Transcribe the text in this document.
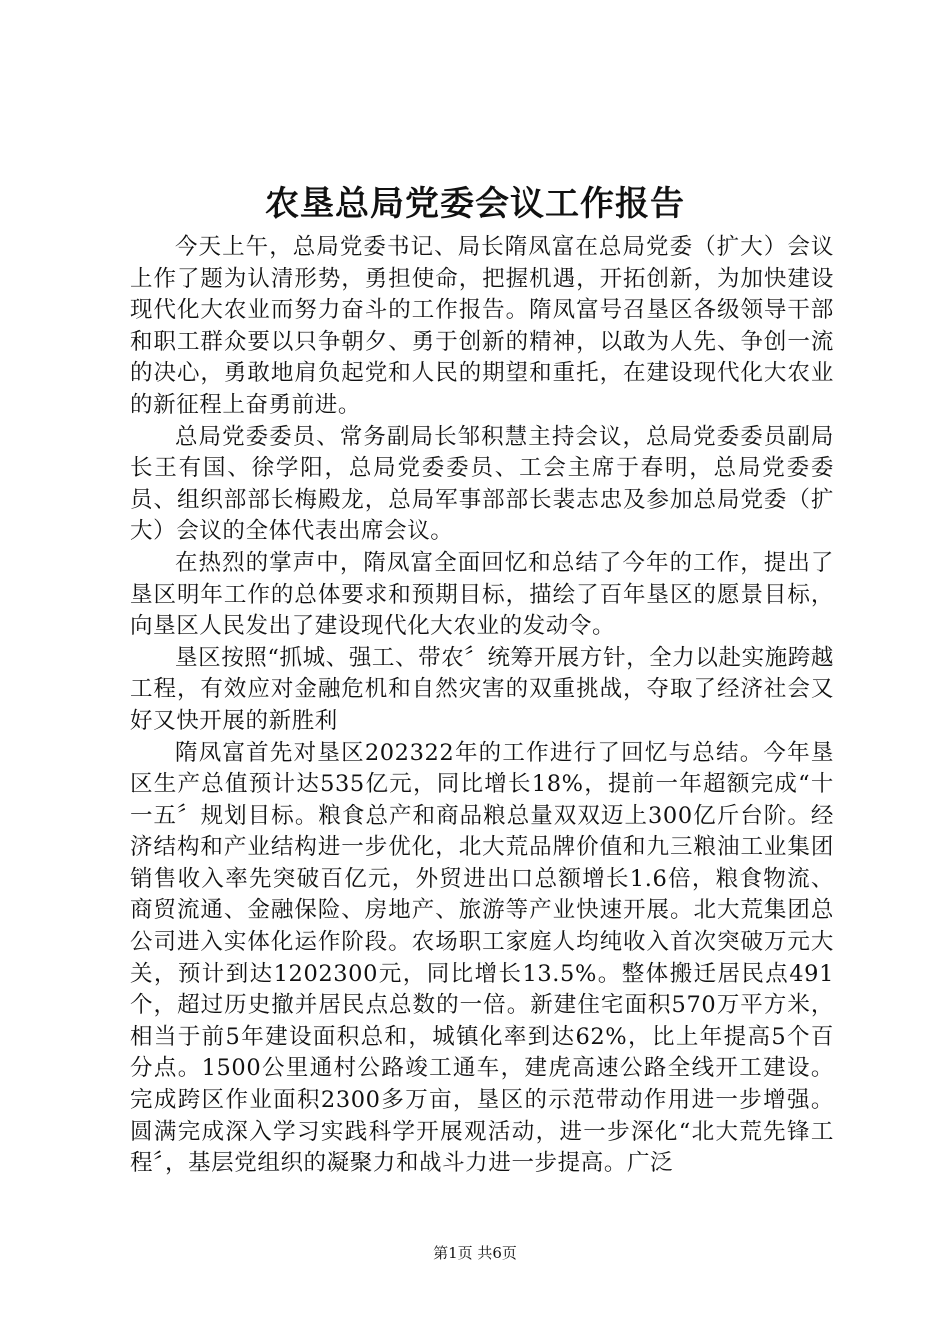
农垦总局党委会议工作报告

今天上午，总局党委书记、局长隋凤富在总局党委（扩大）会议上作了题为认清形势，勇担使命，把握机遇，开拓创新，为加快建设现代化大农业而努力奋斗的工作报告。隋凤富号召垦区各级领导干部和职工群众要以只争朝夕、勇于创新的精神，以敢为人先、争创一流的决心，勇敢地肩负起党和人民的期望和重托，在建设现代化大农业的新征程上奋勇前进。

总局党委委员、常务副局长邹积慧主持会议，总局党委委员副局长王有国、徐学阳，总局党委委员、工会主席于春明，总局党委委员、组织部部长梅殿龙，总局军事部部长裴志忠及参加总局党委（扩大）会议的全体代表出席会议。

在热烈的掌声中，隋凤富全面回忆和总结了今年的工作，提出了垦区明年工作的总体要求和预期目标，描绘了百年垦区的愿景目标，向垦区人民发出了建设现代化大农业的发动令。

垦区按照“抓城、强工、带农〞统筹开展方针，全力以赴实施跨越工程，有效应对金融危机和自然灾害的双重挑战，夺取了经济社会又好又快开展的新胜利

隋凤富首先对垦区202322年的工作进行了回忆与总结。今年垦区生产总值预计达535亿元，同比增长18%，提前一年超额完成“十一五〞规划目标。粮食总产和商品粮总量双双迈上300亿斤台阶。经济结构和产业结构进一步优化，北大荒品牌价值和九三粮油工业集团销售收入率先突破百亿元，外贸进出口总额增长1.6倍，粮食物流、商贸流通、金融保险、房地产、旅游等产业快速开展。北大荒集团总公司进入实体化运作阶段。农场职工家庭人均纯收入首次突破万元大关，预计到达1202300元，同比增长13.5%。整体搬迁居民点491个，超过历史撤并居民点总数的一倍。新建住宅面积570万平方米，相当于前5年建设面积总和，城镇化率到达62%，比上年提高5个百分点。1500公里通村公路竣工通车，建虎高速公路全线开工建设。完成跨区作业面积2300多万亩，垦区的示范带动作用进一步增强。圆满完成深入学习实践科学开展观活动，进一步深化“北大荒先锋工程〞，基层党组织的凝聚力和战斗力进一步提高。广泛

第1页 共6页
